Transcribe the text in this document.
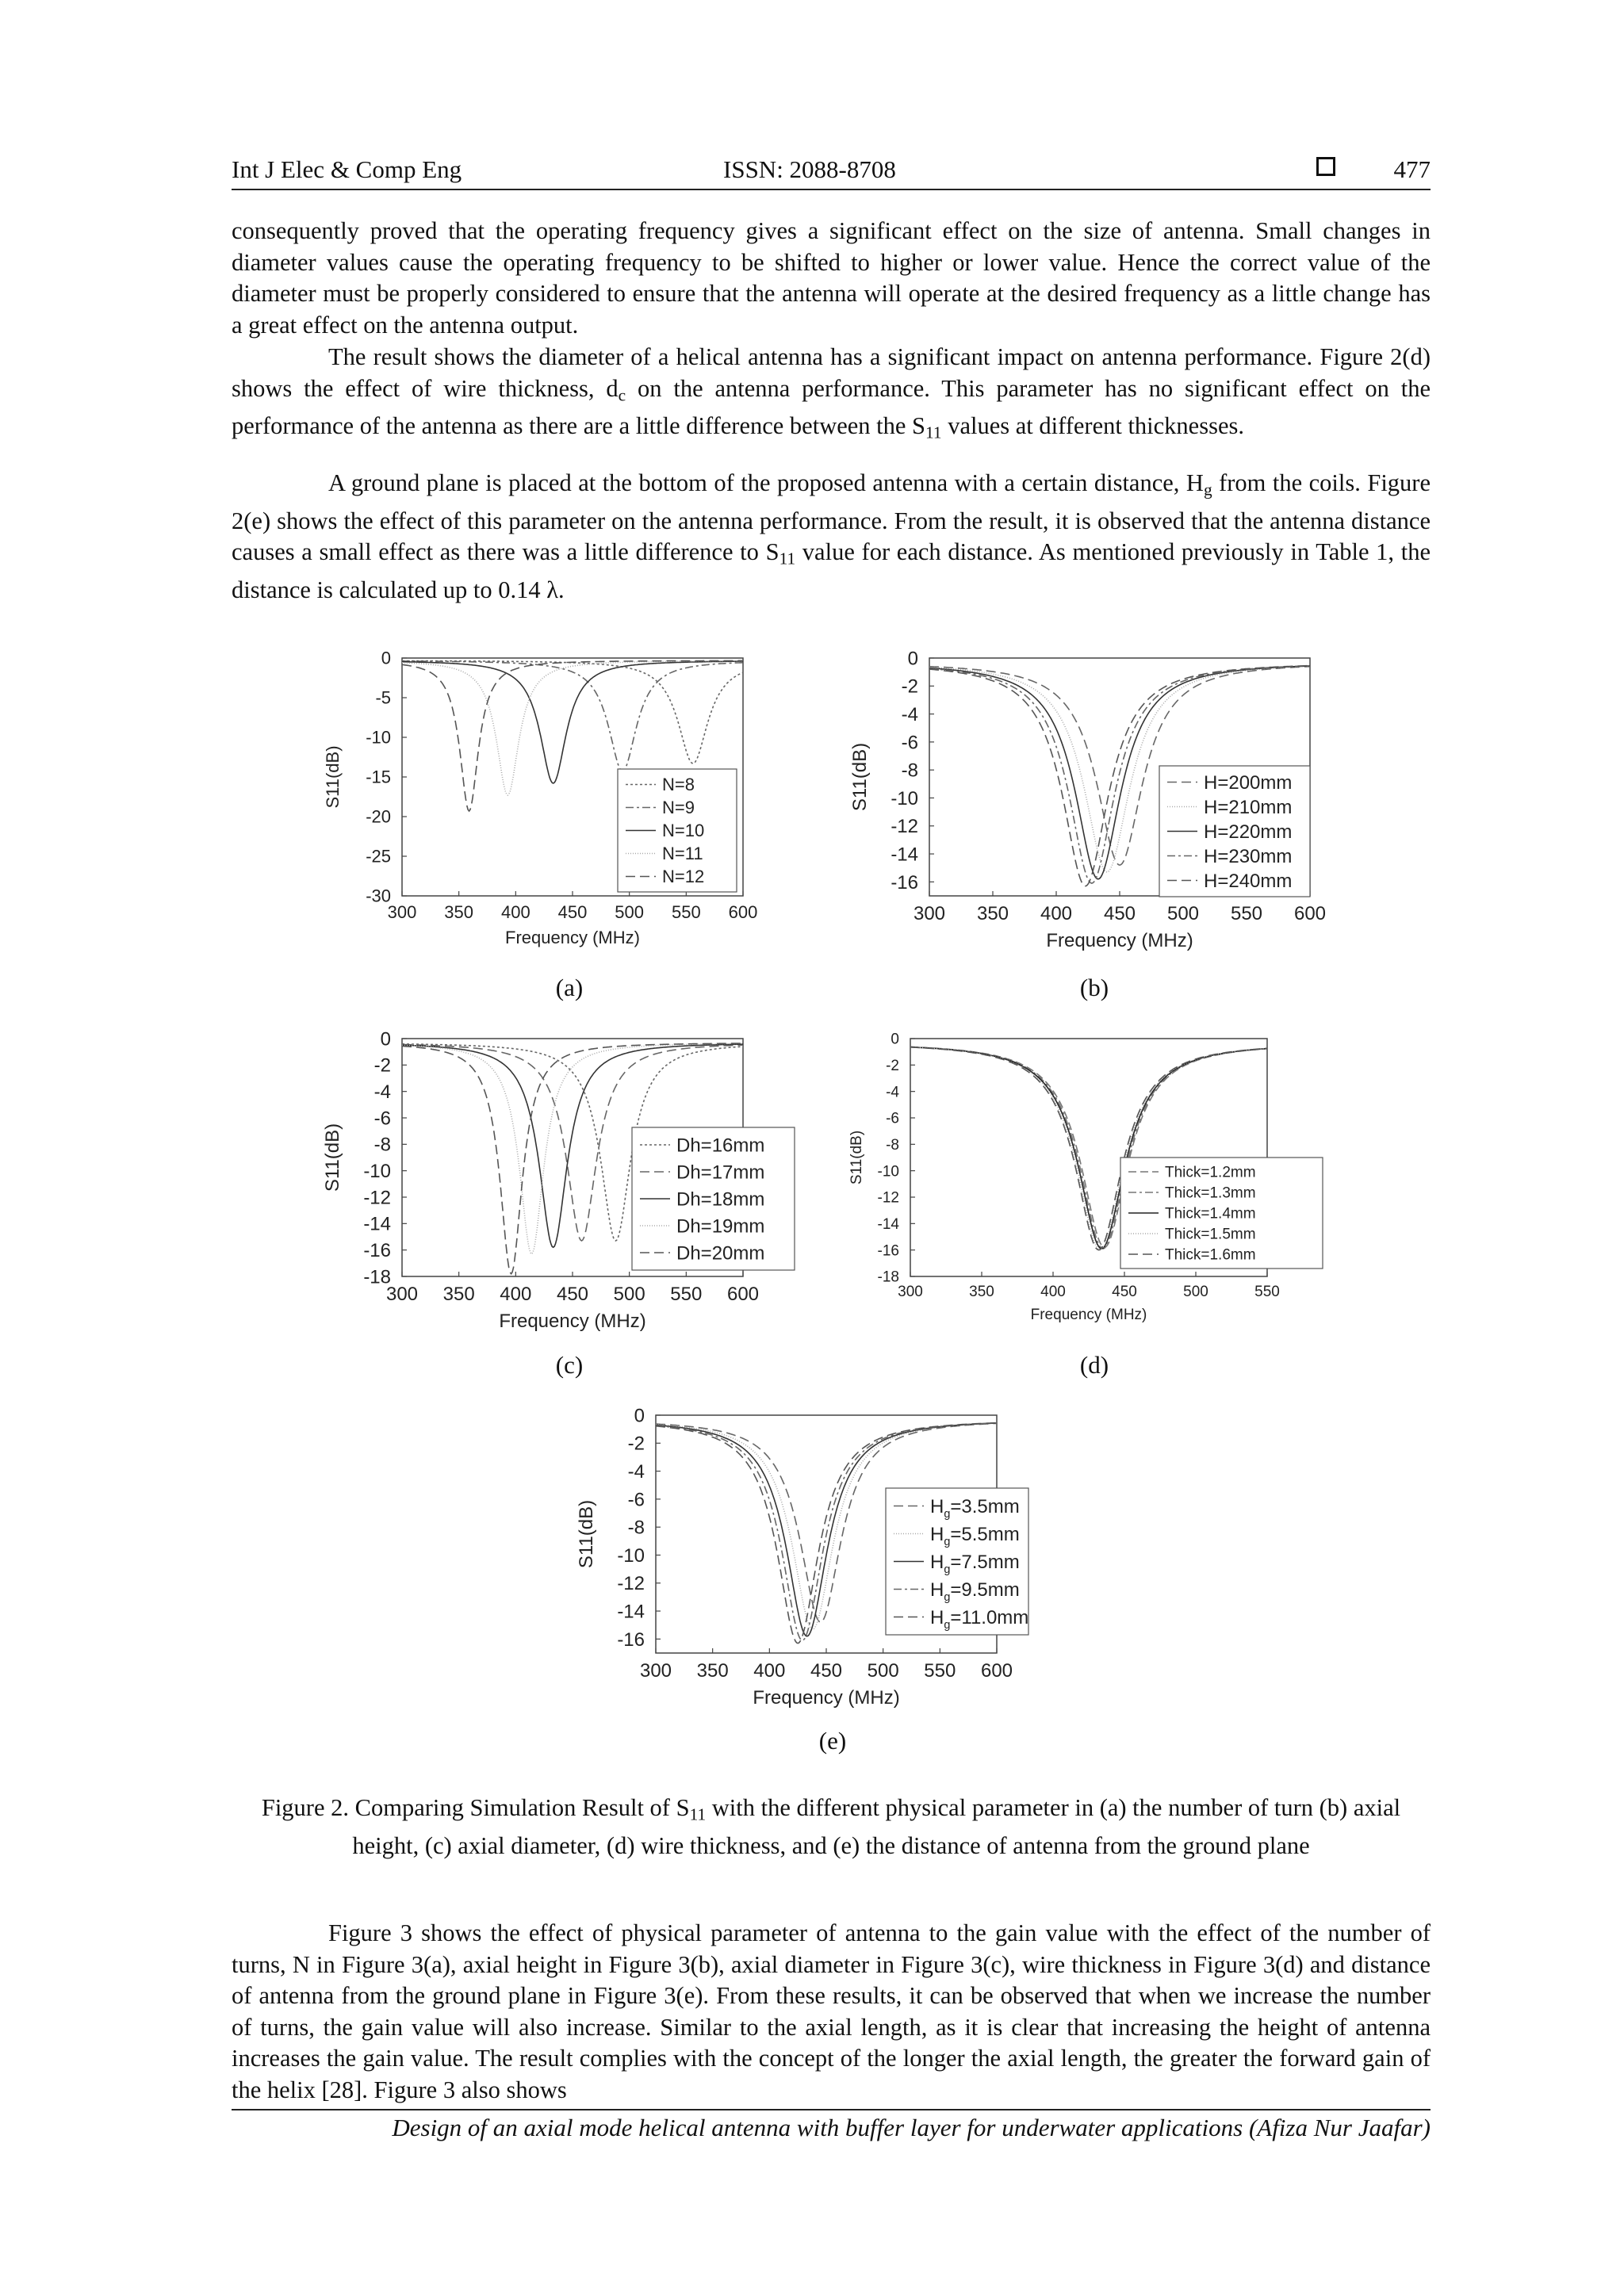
Int J Elec & Comp Eng	ISSN: 2088-8708	477

consequently proved that the operating frequency gives a significant effect on the size of antenna. Small changes in diameter values cause the operating frequency to be shifted to higher or lower value. Hence the correct value of the diameter must be properly considered to ensure that the antenna will operate at the desired frequency as a little change has a great effect on the antenna output.

The result shows the diameter of a helical antenna has a significant impact on antenna performance. Figure 2(d) shows the effect of wire thickness, $d_c$ on the antenna performance. This parameter has no significant effect on the performance of the antenna as there are a little difference between the $S_{11}$ values at different thicknesses.

A ground plane is placed at the bottom of the proposed antenna with a certain distance, $H_g$ from the coils. Figure 2(e) shows the effect of this parameter on the antenna performance. From the result, it is observed that the antenna distance causes a small effect as there was a little difference to $S_{11}$ value for each distance. As mentioned previously in Table 1, the distance is calculated up to 0.14 λ.

300 350 400 450 500 550 600
0
-5
-10
-15
-20
-25
-30
Frequency (MHz)
S11(dB)	N=8
N=9
N=10
N=11
N=12
(a)
300 350 400 450 500 550 600
0
-2
-4
-6
-8
-10
-12
-14
-16
Frequency (MHz)
S11(dB)	H=200mm
H=210mm
H=220mm
H=230mm
H=240mm
(b)
300 350 400 450 500 550 600
0
-2
-4
-6
-8
-10
-12
-14
-16
-18
Frequency (MHz)
S11(dB)	Dh=16mm
Dh=17mm
Dh=18mm
Dh=19mm
Dh=20mm
(c)
300	350	400	450	500	550
0
-2
-4
-6
-8
-10
-12
-14
-16
-18
Frequency (MHz)
S11(dB)	Thick=1.2mm
Thick=1.3mm
Thick=1.4mm
Thick=1.5mm
Thick=1.6mm
(d)
300 350 400 450 500 550 600
0
-2
-4
-6
-8
-10
-12
-14
-16
Frequency (MHz)
S11(dB)	$H_g=3.5mm$
$H_g=5.5mm$
$H_g=7.5mm$
$H_g=9.5mm$
$H_g=11.0mm$
(e)

Figure 2. Comparing Simulation Result of $S_{11}$ with the different physical parameter in (a) the number of turn (b) axial height, (c) axial diameter, (d) wire thickness, and (e) the distance of antenna from the ground plane

Figure 3 shows the effect of physical parameter of antenna to the gain value with the effect of the number of turns, N in Figure 3(a), axial height in Figure 3(b), axial diameter in Figure 3(c), wire thickness in Figure 3(d) and distance of antenna from the ground plane in Figure 3(e). From these results, it can be observed that when we increase the number of turns, the gain value will also increase. Similar to the axial length, as it is clear that increasing the height of antenna increases the gain value. The result complies with the concept of the longer the axial length, the greater the forward gain of the helix [28]. Figure 3 also shows

Design of an axial mode helical antenna with buffer layer for underwater applications (Afiza Nur Jaafar)
